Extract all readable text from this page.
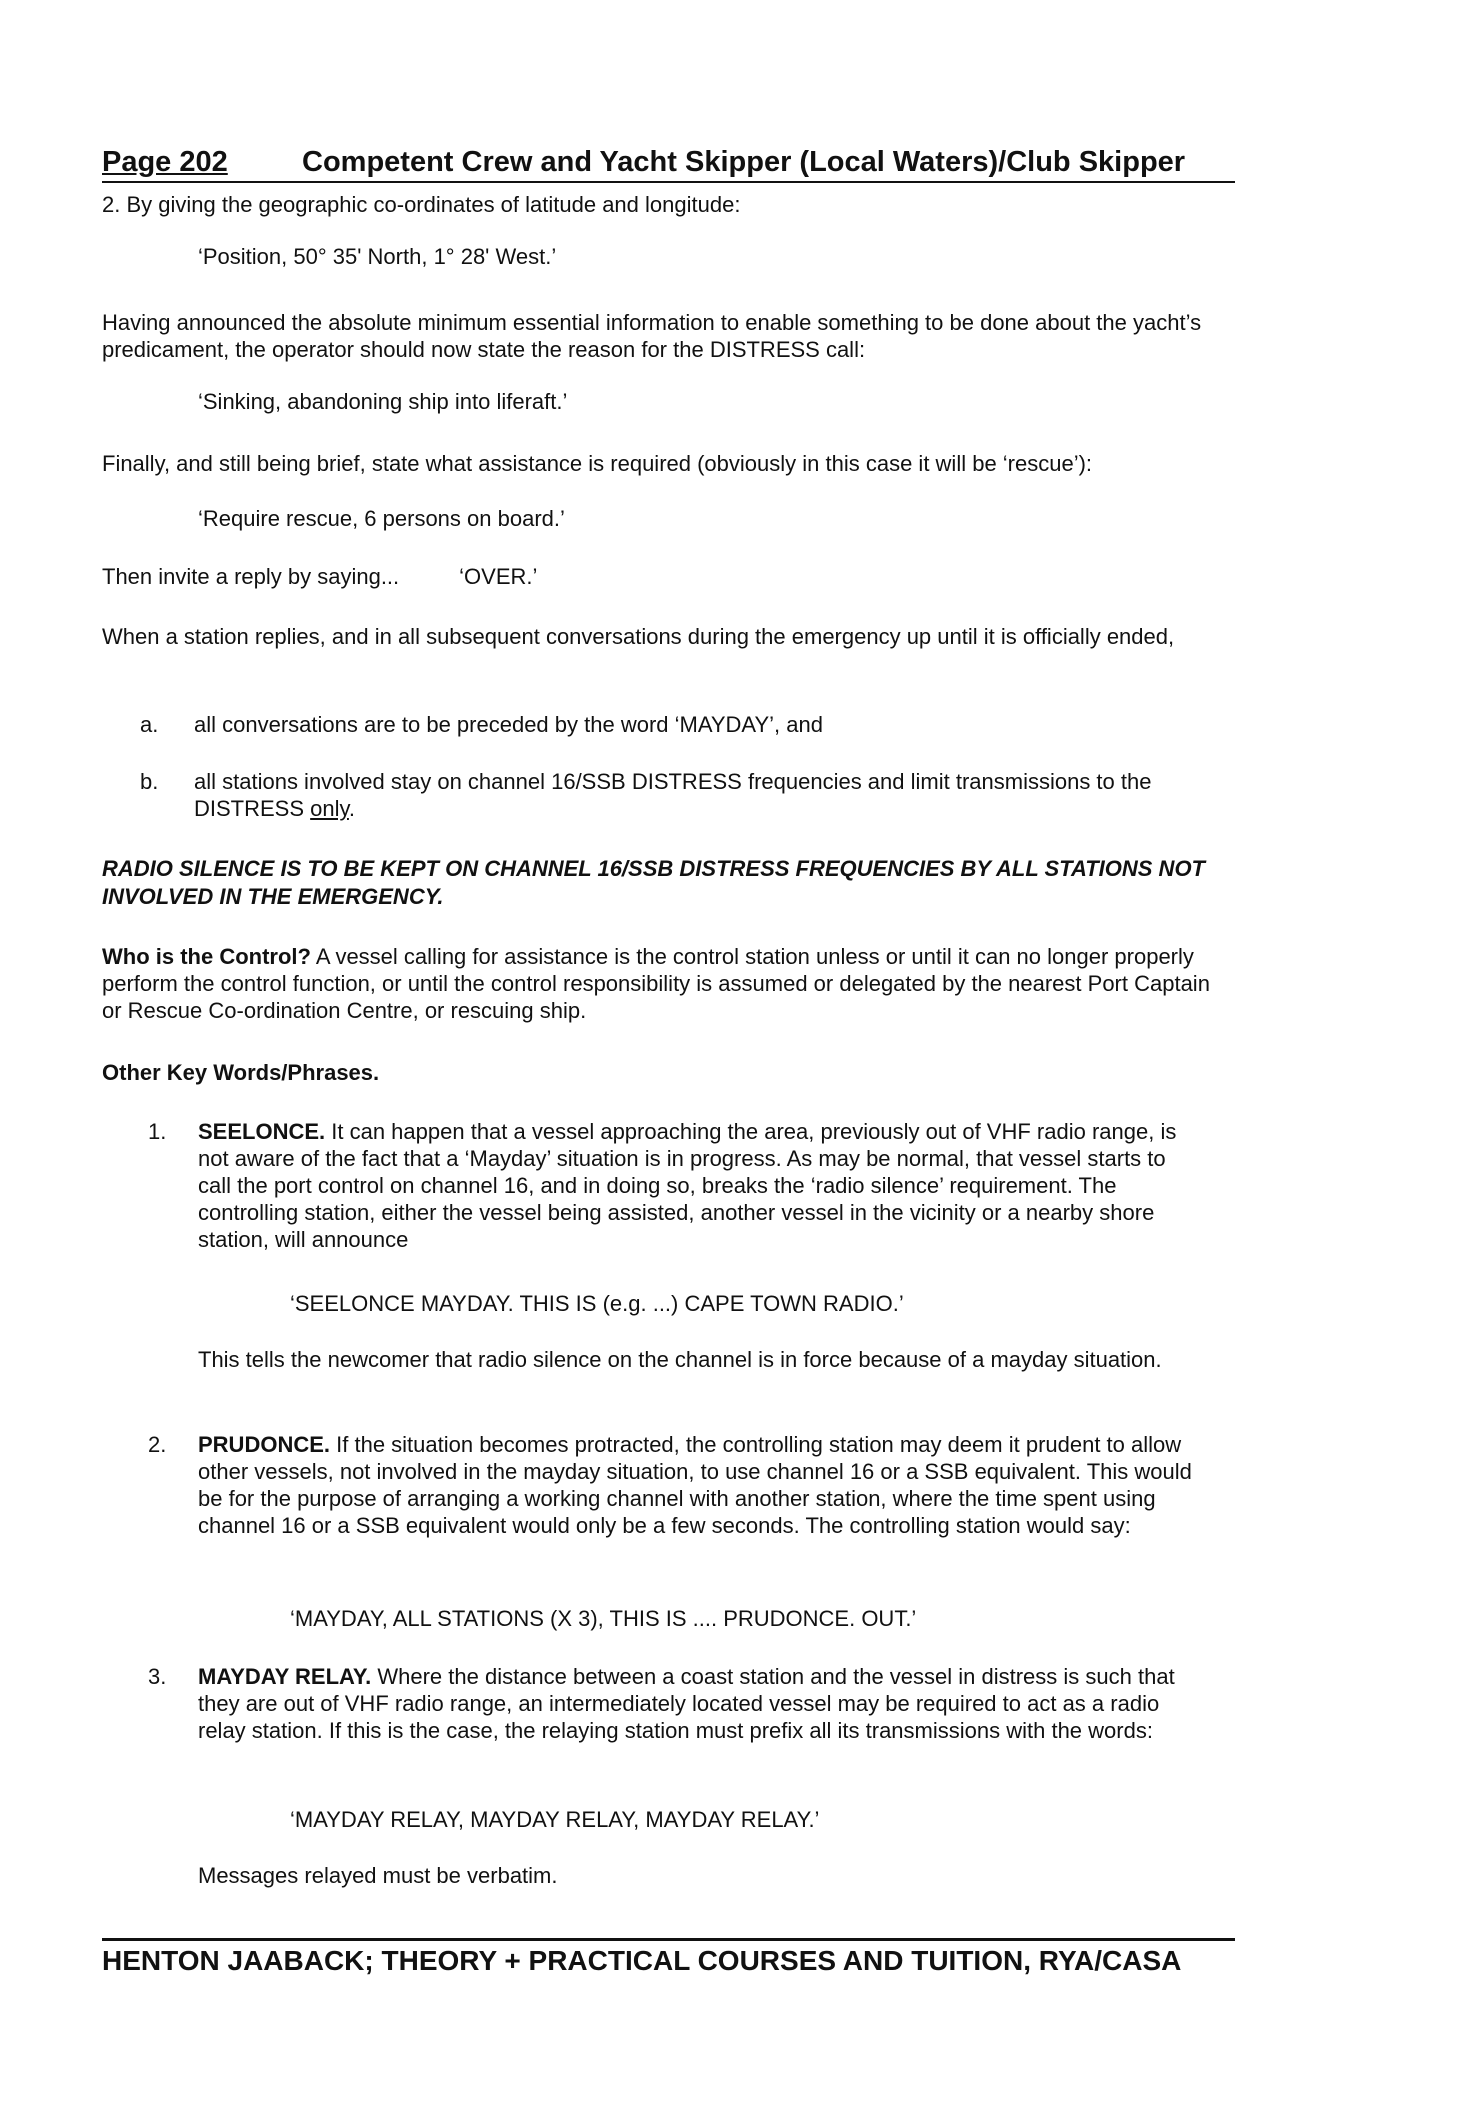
Page 202	Competent Crew and Yacht Skipper (Local Waters)/Club Skipper
2. By giving the geographic co-ordinates of latitude and longitude:
‘Position, 50° 35' North, 1° 28' West.’
Having announced the absolute minimum essential information to enable something to be done about the yacht’s predicament, the operator should now state the reason for the DISTRESS call:
‘Sinking, abandoning ship into liferaft.’
Finally, and still being brief, state what assistance is required (obviously in this case it will be ‘rescue’):
‘Require rescue, 6 persons on board.’
Then invite a reply by saying...	‘OVER.’
When a station replies, and in all subsequent conversations during the emergency up until it is officially ended,
a. all conversations are to be preceded by the word ‘MAYDAY’, and
b. all stations involved stay on channel 16/SSB DISTRESS frequencies and limit transmissions to the DISTRESS only.
RADIO SILENCE IS TO BE KEPT ON CHANNEL 16/SSB DISTRESS FREQUENCIES BY ALL STATIONS NOT INVOLVED IN THE EMERGENCY.
Who is the Control? A vessel calling for assistance is the control station unless or until it can no longer properly perform the control function, or until the control responsibility is assumed or delegated by the nearest Port Captain or Rescue Co-ordination Centre, or rescuing ship.
Other Key Words/Phrases.
1. SEELONCE. It can happen that a vessel approaching the area, previously out of VHF radio range, is not aware of the fact that a ‘Mayday’ situation is in progress. As may be normal, that vessel starts to call the port control on channel 16, and in doing so, breaks the ‘radio silence’ requirement. The controlling station, either the vessel being assisted, another vessel in the vicinity or a nearby shore station, will announce
‘SEELONCE MAYDAY. THIS IS (e.g. ...) CAPE TOWN RADIO.’
This tells the newcomer that radio silence on the channel is in force because of a mayday situation.
2. PRUDONCE. If the situation becomes protracted, the controlling station may deem it prudent to allow other vessels, not involved in the mayday situation, to use channel 16 or a SSB equivalent. This would be for the purpose of arranging a working channel with another station, where the time spent using channel 16 or a SSB equivalent would only be a few seconds. The controlling station would say:
‘MAYDAY, ALL STATIONS (X 3), THIS IS .... PRUDONCE. OUT.’
3. MAYDAY RELAY. Where the distance between a coast station and the vessel in distress is such that they are out of VHF radio range, an intermediately located vessel may be required to act as a radio relay station. If this is the case, the relaying station must prefix all its transmissions with the words:
‘MAYDAY RELAY, MAYDAY RELAY, MAYDAY RELAY.’
Messages relayed must be verbatim.
HENTON JAABACK; THEORY + PRACTICAL COURSES AND TUITION, RYA/CASA
